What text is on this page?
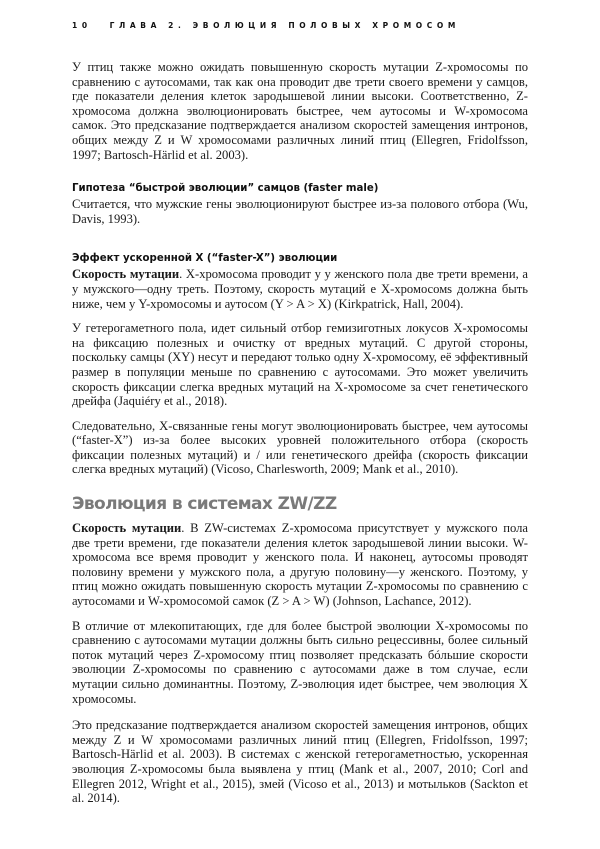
10 ГЛАВА 2. ЭВОЛЮЦИЯ ПОЛОВЫХ ХРОМОСОМ

У птиц также можно ожидать повышенную скорость мутации Z-хромосомы по сравнению с аутосомами, так как она проводит две трети своего времени у самцов, где показатели деления клеток зародышевой линии высоки. Соответственно, Z-хромосома должна эволюционировать быстрее, чем аутосомы и W-хромосома самок. Это предсказание подтверждается анализом скоростей замещения интронов, общих между Z и W хромосомами различных линий птиц (Ellegren, Fridolfsson, 1997; Bartosch-Härlid et al. 2003).

Гипотеза “быстрой эволюции” самцов (faster male)

Считается, что мужские гены эволюционируют быстрее из-за полового отбора (Wu, Davis, 1993).

Эффект ускоренной X (“faster-X”) эволюции

Скорость мутации. X-хромосома проводит у у женского пола две трети времени, а у мужского—одну треть. Поэтому, скорость мутаций е X-хромосомs должна быть ниже, чем у Y-хромосомы и аутосом (Y > A > X) (Kirkpatrick, Hall, 2004).

У гетерогаметного пола, идет сильный отбор гемизиготных локусов X-хромосомы на фиксацию полезных и очистку от вредных мутаций. С другой стороны, поскольку самцы (XY) несут и передают только одну X-хромосому, её эффективный размер в популяции меньше по сравнению с аутосомами. Это может увеличить скорость фиксации слегка вредных мутаций на X-хромосоме за счет генетического дрейфа (Jaquiéry et al., 2018).

Следовательно, X-связанные гены могут эволюционировать быстрее, чем аутосомы (“faster-X”) из-за более высоких уровней положительного отбора (скорость фиксации полезных мутаций) и / или генетического дрейфа (скорость фиксации слегка вредных мутаций) (Vicoso, Charlesworth, 2009; Mank et al., 2010).

Эволюция в системах ZW/ZZ

Скорость мутации. В ZW-системах Z-хромосома присутствует у мужского пола две трети времени, где показатели деления клеток зародышевой линии высоки. W-хромосома все время проводит у женского пола. И наконец, аутосомы проводят половину времени у мужского пола, а другую половину—у женского. Поэтому, у птиц можно ожидать повышенную скорость мутации Z-хромосомы по сравнению с аутосомами и W-хромосомой самок (Z > A > W) (Johnson, Lachance, 2012).

В отличие от млекопитающих, где для более быстрой эволюции X-хромосомы по сравнению с аутосомами мутации должны быть сильно рецессивны, более сильный поток мутаций через Z-хромосому птиц позволяет предсказать бóльшие скорости эволюции Z-хромосомы по сравнению с аутосомами даже в том случае, если мутации сильно доминантны. Поэтому, Z-эволюция идет быстрее, чем эволюция X хромосомы.

Это предсказание подтверждается анализом скоростей замещения интронов, общих между Z и W хромосомами различных линий птиц (Ellegren, Fridolfsson, 1997; Bartosch-Härlid et al. 2003). В системах с женской гетерогаметностью, ускоренная эволюция Z-хромосомы была выявлена у птиц (Mank et al., 2007, 2010; Corl and Ellegren 2012, Wright et al., 2015), змей (Vicoso et al., 2013) и мотыльков (Sackton et al. 2014).
